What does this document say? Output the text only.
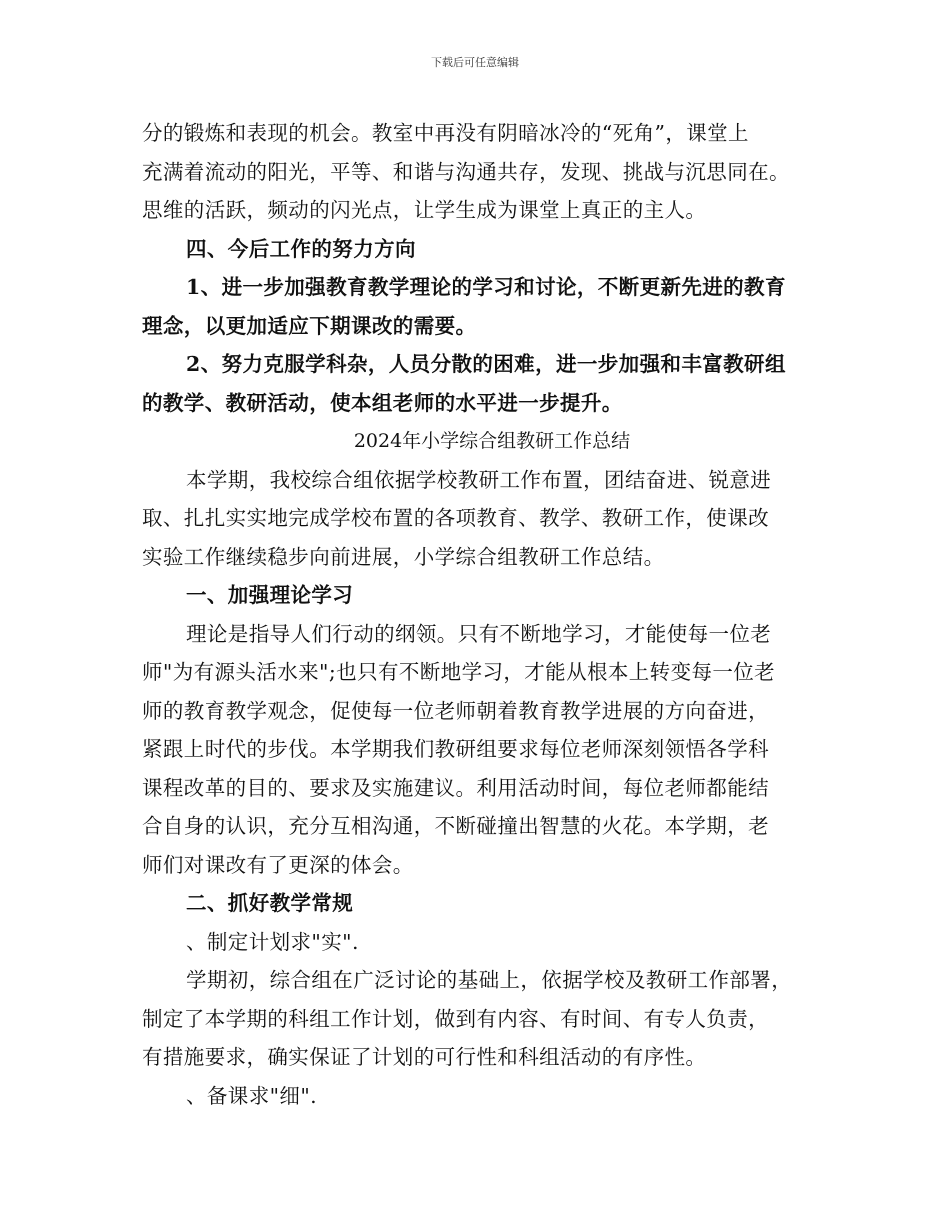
下载后可任意编辑
分的锻炼和表现的机会。教室中再没有阴暗冰冷的“死角”，课堂上
充满着流动的阳光，平等、和谐与沟通共存，发现、挑战与沉思同在。
思维的活跃，频动的闪光点，让学生成为课堂上真正的主人。
四、今后工作的努力方向
1、进一步加强教育教学理论的学习和讨论，不断更新先进的教育
理念，以更加适应下期课改的需要。
2、努力克服学科杂，人员分散的困难，进一步加强和丰富教研组
的教学、教研活动，使本组老师的水平进一步提升。
2024年小学综合组教研工作总结
本学期，我校综合组依据学校教研工作布置，团结奋进、锐意进
取、扎扎实实地完成学校布置的各项教育、教学、教研工作，使课改
实验工作继续稳步向前进展，小学综合组教研工作总结。
一、加强理论学习
理论是指导人们行动的纲领。只有不断地学习，才能使每一位老
师"为有源头活水来";也只有不断地学习，才能从根本上转变每一位老
师的教育教学观念，促使每一位老师朝着教育教学进展的方向奋进，
紧跟上时代的步伐。本学期我们教研组要求每位老师深刻领悟各学科
课程改革的目的、要求及实施建议。利用活动时间，每位老师都能结
合自身的认识，充分互相沟通，不断碰撞出智慧的火花。本学期，老
师们对课改有了更深的体会。
二、抓好教学常规
、制定计划求"实".
学期初，综合组在广泛讨论的基础上，依据学校及教研工作部署，
制定了本学期的科组工作计划，做到有内容、有时间、有专人负责，
有措施要求，确实保证了计划的可行性和科组活动的有序性。
、备课求"细".
